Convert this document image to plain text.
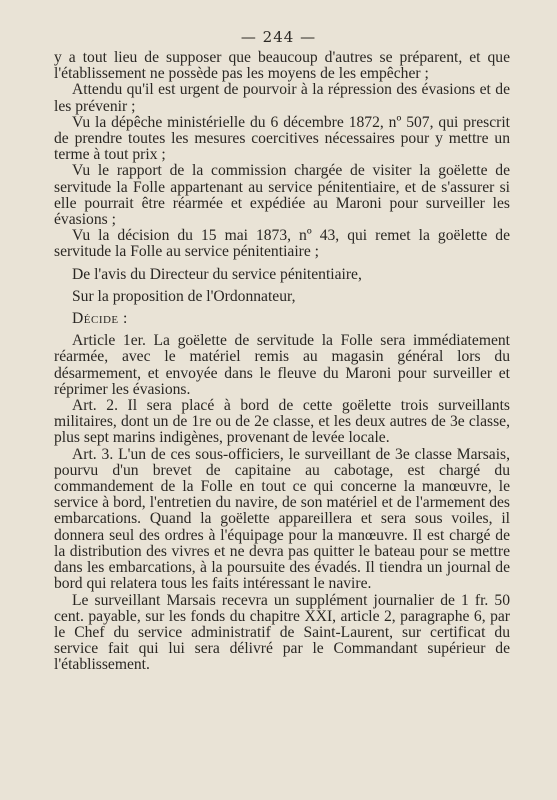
— 244 —

y a tout lieu de supposer que beaucoup d'autres se préparent, et que l'établissement ne possède pas les moyens de les empêcher ;

Attendu qu'il est urgent de pourvoir à la répression des évasions et de les prévenir ;

Vu la dépêche ministérielle du 6 décembre 1872, nº 507, qui prescrit de prendre toutes les mesures coercitives nécessaires pour y mettre un terme à tout prix ;

Vu le rapport de la commission chargée de visiter la goëlette de servitude la Folle appartenant au service pénitentiaire, et de s'assurer si elle pourrait être réarmée et expédiée au Maroni pour surveiller les évasions ;

Vu la décision du 15 mai 1873, nº 43, qui remet la goëlette de servitude la Folle au service pénitentiaire ;

De l'avis du Directeur du service pénitentiaire,

Sur la proposition de l'Ordonnateur,

Décide :

Article 1er. La goëlette de servitude la Folle sera immédiatement réarmée, avec le matériel remis au magasin général lors du désarmement, et envoyée dans le fleuve du Maroni pour surveiller et réprimer les évasions.

Art. 2. Il sera placé à bord de cette goëlette trois surveillants militaires, dont un de 1re ou de 2e classe, et les deux autres de 3e classe, plus sept marins indigènes, provenant de levée locale.

Art. 3. L'un de ces sous-officiers, le surveillant de 3e classe Marsais, pourvu d'un brevet de capitaine au cabotage, est chargé du commandement de la Folle en tout ce qui concerne la manœuvre, le service à bord, l'entretien du navire, de son matériel et de l'armement des embarcations. Quand la goëlette appareillera et sera sous voiles, il donnera seul des ordres à l'équipage pour la manœuvre. Il est chargé de la distribution des vivres et ne devra pas quitter le bateau pour se mettre dans les embarcations, à la poursuite des évadés. Il tiendra un journal de bord qui relatera tous les faits intéressant le navire.

Le surveillant Marsais recevra un supplément journalier de 1 fr. 50 cent. payable, sur les fonds du chapitre XXI, article 2, paragraphe 6, par le Chef du service administratif de Saint-Laurent, sur certificat du service fait qui lui sera délivré par le Commandant supérieur de l'établissement.
